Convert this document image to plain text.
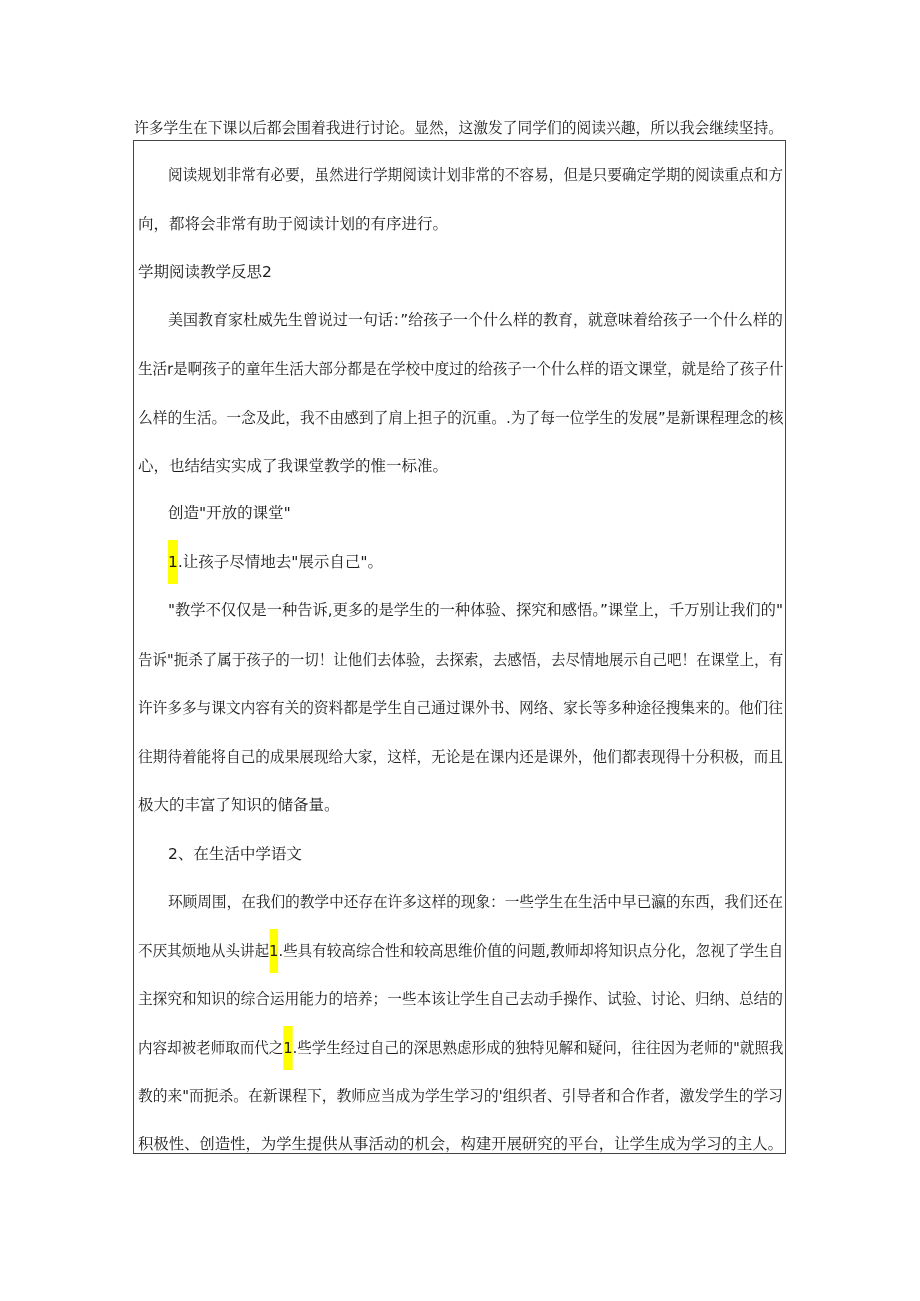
许多学生在下课以后都会围着我进行讨论。显然，这激发了同学们的阅读兴趣，所以我会继续坚持。
阅读规划非常有必要，虽然进行学期阅读计划非常的不容易，但是只要确定学期的阅读重点和方
向，都将会非常有助于阅读计划的有序进行。
学期阅读教学反思2
美国教育家杜威先生曾说过一句话：”给孩子一个什么样的教育，就意味着给孩子一个什么样的
生活r是啊孩子的童年生活大部分都是在学校中度过的给孩子一个什么样的语文课堂，就是给了孩子什
么样的生活。一念及此，我不由感到了肩上担子的沉重。.为了每一位学生的发展”是新课程理念的核
心，也结结实实成了我课堂教学的惟一标准。
创造"开放的课堂"
1.让孩子尽情地去"展示自己"。
"教学不仅仅是一种告诉,更多的是学生的一种体验、探究和感悟。”课堂上，千万别让我们的"
告诉"扼杀了属于孩子的一切！让他们去体验，去探索，去感悟，去尽情地展示自己吧！在课堂上，有
许许多多与课文内容有关的资料都是学生自己通过课外书、网络、家长等多种途径搜集来的。他们往
往期待着能将自己的成果展现给大家，这样，无论是在课内还是课外，他们都表现得十分积极，而且
极大的丰富了知识的储备量。
2、在生活中学语文
环顾周围，在我们的教学中还存在许多这样的现象：一些学生在生活中早已瀛的东西，我们还在
不厌其烦地从头讲起1.些具有较高综合性和较高思维价值的问题,教师却将知识点分化，忽视了学生自
主探究和知识的综合运用能力的培养；一些本该让学生自己去动手操作、试验、讨论、归纳、总结的
内容却被老师取而代之1.些学生经过自己的深思熟虑形成的独特见解和疑问，往往因为老师的"就照我
教的来"而扼杀。在新课程下，教师应当成为学生学习的'组织者、引导者和合作者，激发学生的学习
积极性、创造性，为学生提供从事活动的机会，构建开展研究的平台，让学生成为学习的主人。
